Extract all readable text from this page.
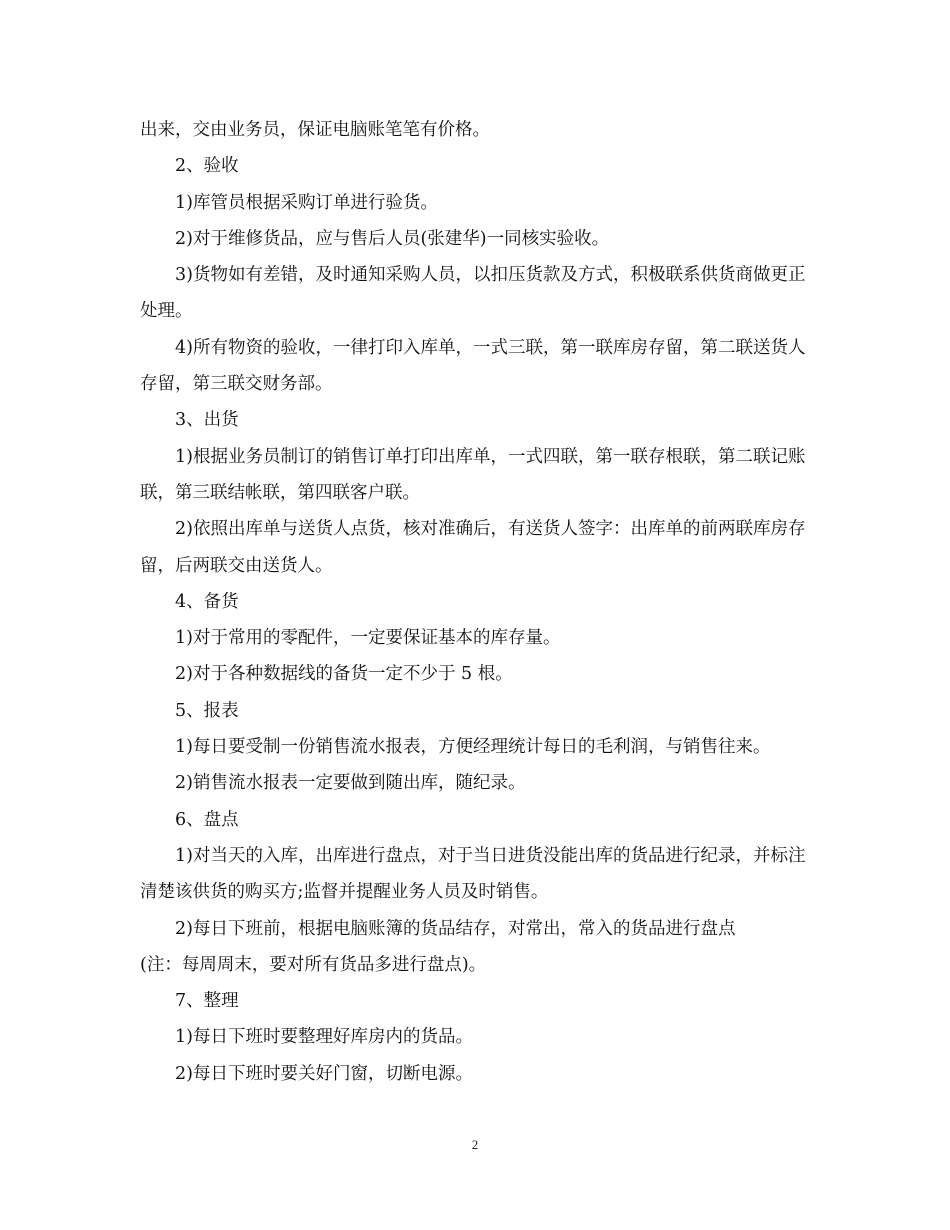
出来，交由业务员，保证电脑账笔笔有价格。

2、验收

1)库管员根据采购订单进行验货。

2)对于维修货品，应与售后人员(张建华)一同核实验收。

3)货物如有差错，及时通知采购人员，以扣压货款及方式，积极联系供货商做更正处理。

4)所有物资的验收，一律打印入库单，一式三联，第一联库房存留，第二联送货人存留，第三联交财务部。

3、出货

1)根据业务员制订的销售订单打印出库单，一式四联，第一联存根联，第二联记账联，第三联结帐联，第四联客户联。

2)依照出库单与送货人点货，核对准确后，有送货人签字：出库单的前两联库房存留，后两联交由送货人。

4、备货

1)对于常用的零配件，一定要保证基本的库存量。

2)对于各种数据线的备货一定不少于 5 根。

5、报表

1)每日要受制一份销售流水报表，方便经理统计每日的毛利润，与销售往来。

2)销售流水报表一定要做到随出库，随纪录。

6、盘点

1)对当天的入库，出库进行盘点，对于当日进货没能出库的货品进行纪录，并标注清楚该供货的购买方;监督并提醒业务人员及时销售。

2)每日下班前，根据电脑账簿的货品结存，对常出，常入的货品进行盘点

(注：每周周末，要对所有货品多进行盘点)。

7、整理

1)每日下班时要整理好库房内的货品。

2)每日下班时要关好门窗，切断电源。

2
